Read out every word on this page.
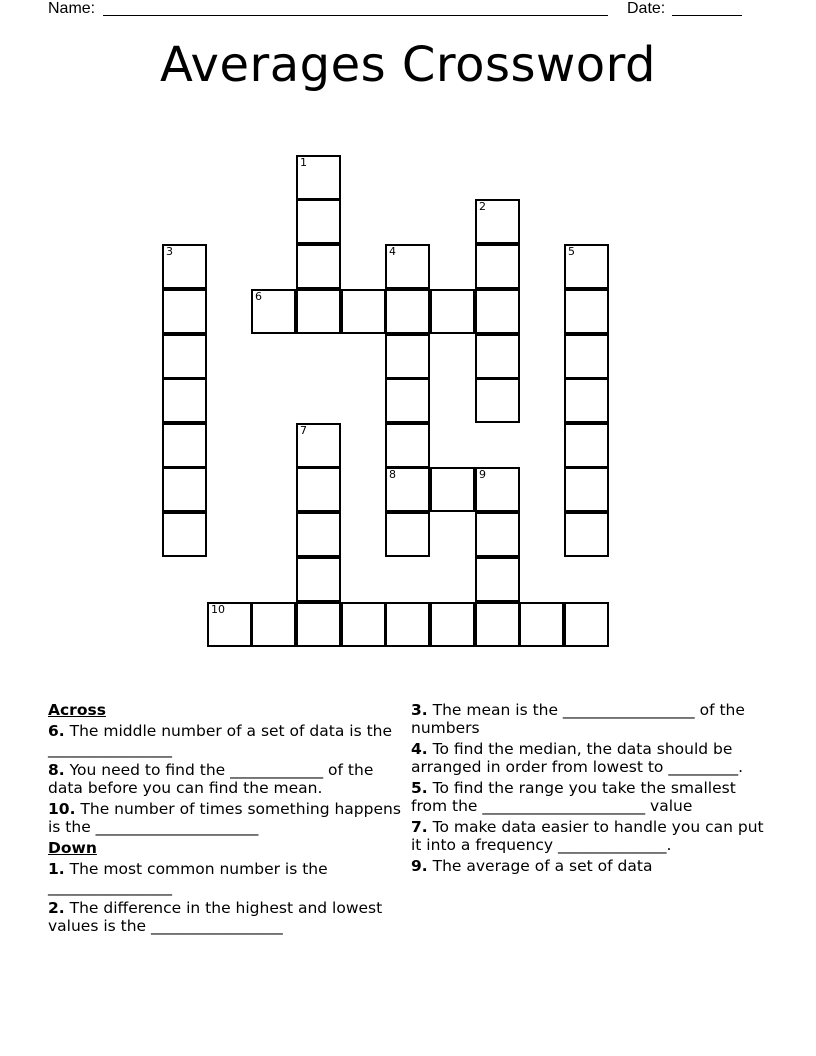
Name:	Date:
Averages Crossword
1
2
3	4	5
6
7
8	9
10
Across
6. The middle number of a set of data is the ________________
8. You need to find the ____________ of the data before you can find the mean.
10. The number of times something happens is the _____________________
Down
1. The most common number is the ________________
2. The difference in the highest and lowest values is the _________________
3. The mean is the _________________ of the numbers
4. To find the median, the data should be arranged in order from lowest to _________.
5. To find the range you take the smallest from the _____________________ value
7. To make data easier to handle you can put it into a frequency ______________.
9. The average of a set of data
